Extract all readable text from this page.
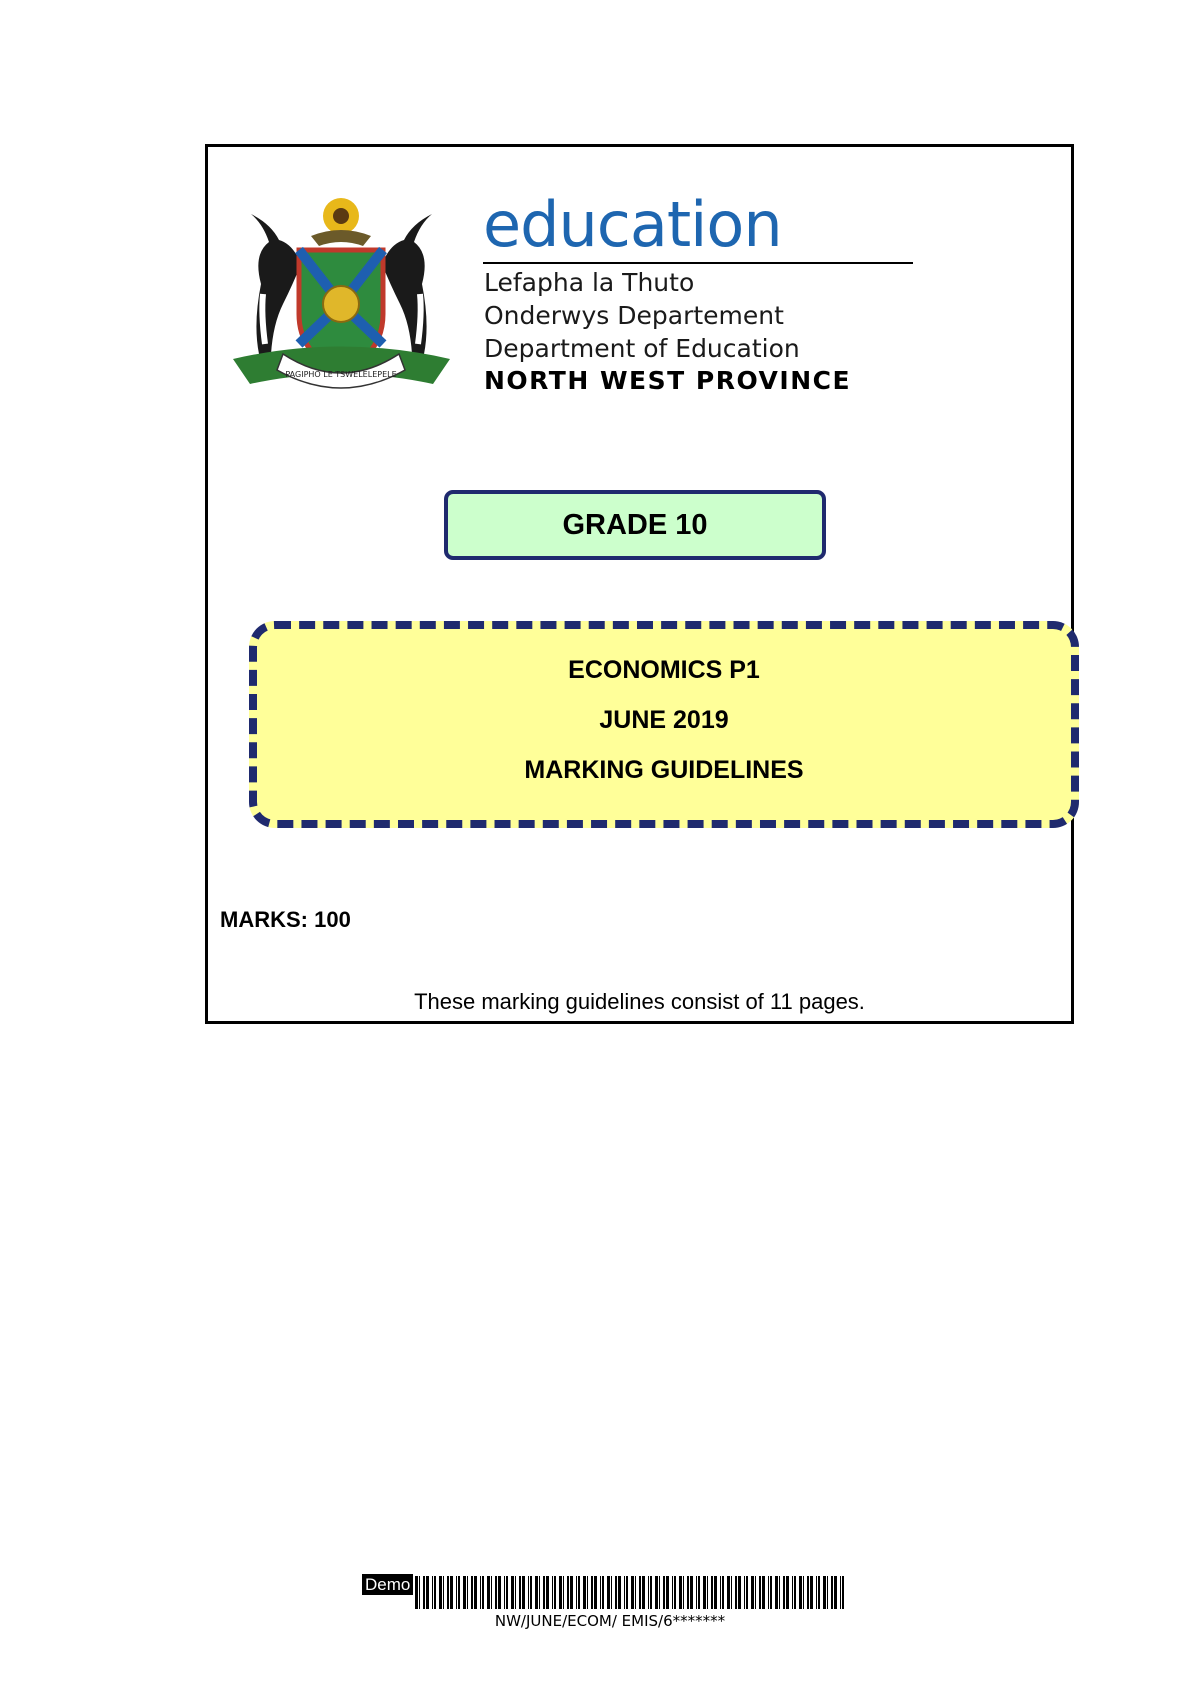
PAGIPHO LE TSWELELEPELE
education
Lefapha la Thuto
Onderwys Departement
Department of Education
NORTH WEST PROVINCE
GRADE 10
ECONOMICS P1
JUNE 2019
MARKING GUIDELINES
MARKS: 100
These marking guidelines consist of 11 pages.
Demo
NW/JUNE/ECOM/ EMIS/6*******
